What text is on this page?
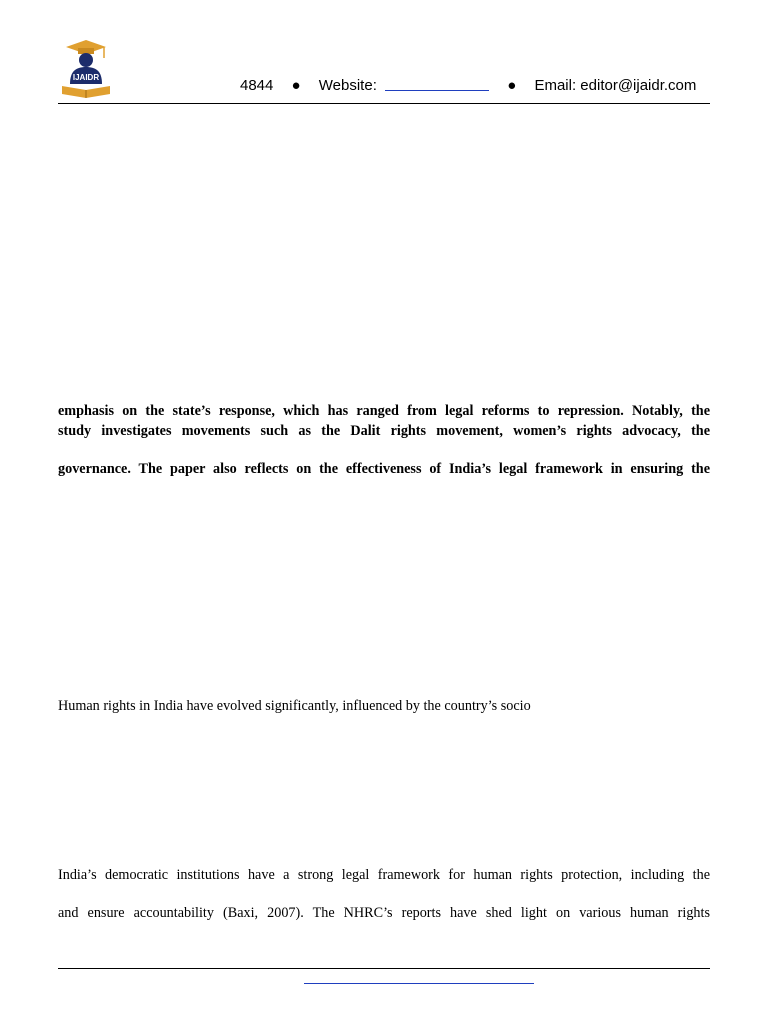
IJAIDR	4844 ● Website:	● Email: editor@ijaidr.com
emphasis on the state’s response, which has ranged from legal reforms to repression. Notably, the
study investigates movements such as the Dalit rights movement, women’s rights advocacy, the
governance. The paper also reflects on the effectiveness of India’s legal framework in ensuring the
Human rights in India have evolved significantly, influenced by the country’s socio
India’s democratic institutions have a strong legal framework for human rights protection, including the
and ensure accountability (Baxi, 2007). The NHRC’s reports have shed light on various human rights
